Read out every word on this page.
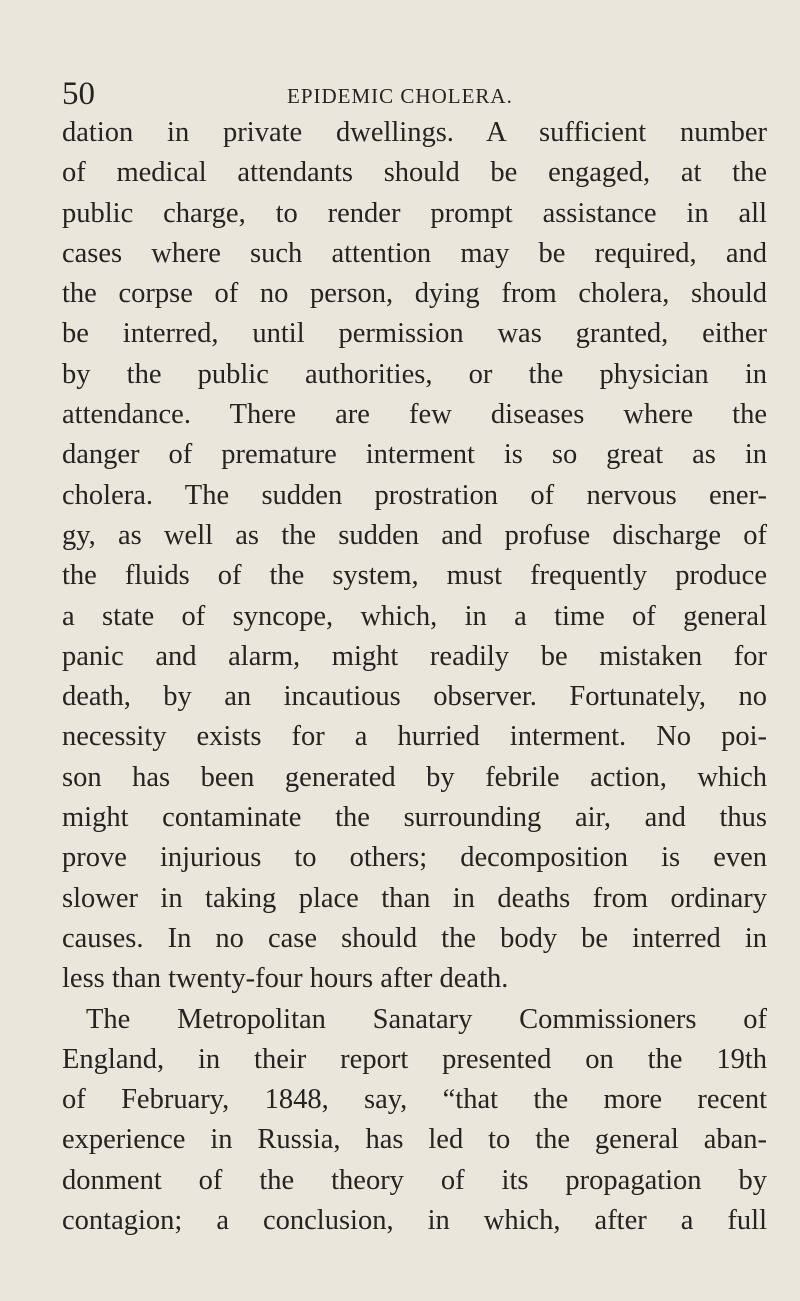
50	EPIDEMIC CHOLERA.
dation in private dwellings. A sufficient number
of medical attendants should be engaged, at the
public charge, to render prompt assistance in all
cases where such attention may be required, and
the corpse of no person, dying from cholera, should
be interred, until permission was granted, either
by the public authorities, or the physician in
attendance. There are few diseases where the
danger of premature interment is so great as in
cholera. The sudden prostration of nervous ener-
gy, as well as the sudden and profuse discharge of
the fluids of the system, must frequently produce
a state of syncope, which, in a time of general
panic and alarm, might readily be mistaken for
death, by an incautious observer. Fortunately, no
necessity exists for a hurried interment. No poi-
son has been generated by febrile action, which
might contaminate the surrounding air, and thus
prove injurious to others; decomposition is even
slower in taking place than in deaths from ordinary
causes. In no case should the body be interred in
less than twenty-four hours after death.
The Metropolitan Sanatary Commissioners of
England, in their report presented on the 19th
of February, 1848, say, “that the more recent
experience in Russia, has led to the general aban-
donment of the theory of its propagation by
contagion; a conclusion, in which, after a full
